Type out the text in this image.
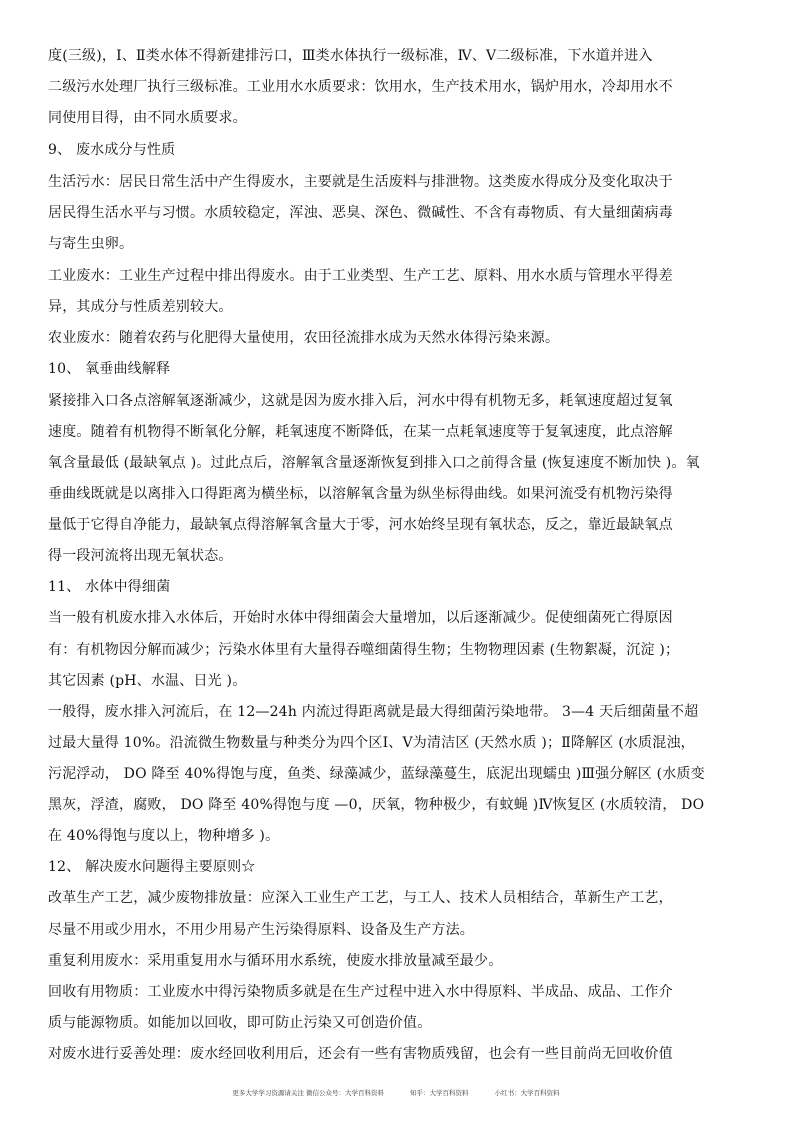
度(三级)，Ⅰ、Ⅱ类水体不得新建排污口，Ⅲ类水体执行一级标准，Ⅳ、Ⅴ二级标准，下水道并进入
二级污水处理厂执行三级标准。工业用水水质要求：饮用水，生产技术用水，锅炉用水，冷却用水不
同使用目得，由不同水质要求。
9、 废水成分与性质
生活污水：居民日常生活中产生得废水，主要就是生活废料与排泄物。这类废水得成分及变化取决于
居民得生活水平与习惯。水质较稳定，浑浊、恶臭、深色、微碱性、不含有毒物质、有大量细菌病毒
与寄生虫卵。
工业废水：工业生产过程中排出得废水。由于工业类型、生产工艺、原料、用水水质与管理水平得差
异，其成分与性质差别较大。
农业废水：随着农药与化肥得大量使用，农田径流排水成为天然水体得污染来源。
10、 氧垂曲线解释
紧接排入口各点溶解氧逐渐减少，这就是因为废水排入后，河水中得有机物无多，耗氧速度超过复氧
速度。随着有机物得不断氧化分解，耗氧速度不断降低，在某一点耗氧速度等于复氧速度，此点溶解
氧含量最低 (最缺氧点 )。过此点后，溶解氧含量逐渐恢复到排入口之前得含量 (恢复速度不断加快 )。氧
垂曲线既就是以离排入口得距离为横坐标，以溶解氧含量为纵坐标得曲线。如果河流受有机物污染得
量低于它得自净能力，最缺氧点得溶解氧含量大于零，河水始终呈现有氧状态，反之，靠近最缺氧点
得一段河流将出现无氧状态。
11、 水体中得细菌
当一般有机废水排入水体后，开始时水体中得细菌会大量增加，以后逐渐减少。促使细菌死亡得原因
有：有机物因分解而减少；污染水体里有大量得吞噬细菌得生物；生物物理因素 (生物絮凝，沉淀 )；
其它因素 (pH、水温、日光 )。
一般得，废水排入河流后，在 12—24h 内流过得距离就是最大得细菌污染地带。 3—4 天后细菌量不超
过最大量得 10%。沿流微生物数量与种类分为四个区Ⅰ、Ⅴ为清洁区 (天然水质 )；Ⅱ降解区 (水质混浊，
污泥浮动， DO 降至 40%得饱与度，鱼类、绿藻减少，蓝绿藻蔓生，底泥出现蠕虫 )Ⅲ强分解区 (水质变
黑灰，浮渣，腐败， DO 降至 40%得饱与度 —0，厌氧，物种极少，有蚊蝇 )Ⅳ恢复区 (水质较清， DO
在 40%得饱与度以上，物种增多 )。
12、 解决废水问题得主要原则☆
改革生产工艺，减少废物排放量：应深入工业生产工艺，与工人、技术人员相结合，革新生产工艺，
尽量不用或少用水，不用少用易产生污染得原料、设备及生产方法。
重复利用废水：采用重复用水与循环用水系统，使废水排放量减至最少。
回收有用物质：工业废水中得污染物质多就是在生产过程中进入水中得原料、半成品、成品、工作介
质与能源物质。如能加以回收，即可防止污染又可创造价值。
对废水进行妥善处理：废水经回收利用后，还会有一些有害物质残留，也会有一些目前尚无回收价值
更多大学学习资源请关注 微信公众号：大学百科资料	知乎：大学百科资料	小红书：大学百科资料
